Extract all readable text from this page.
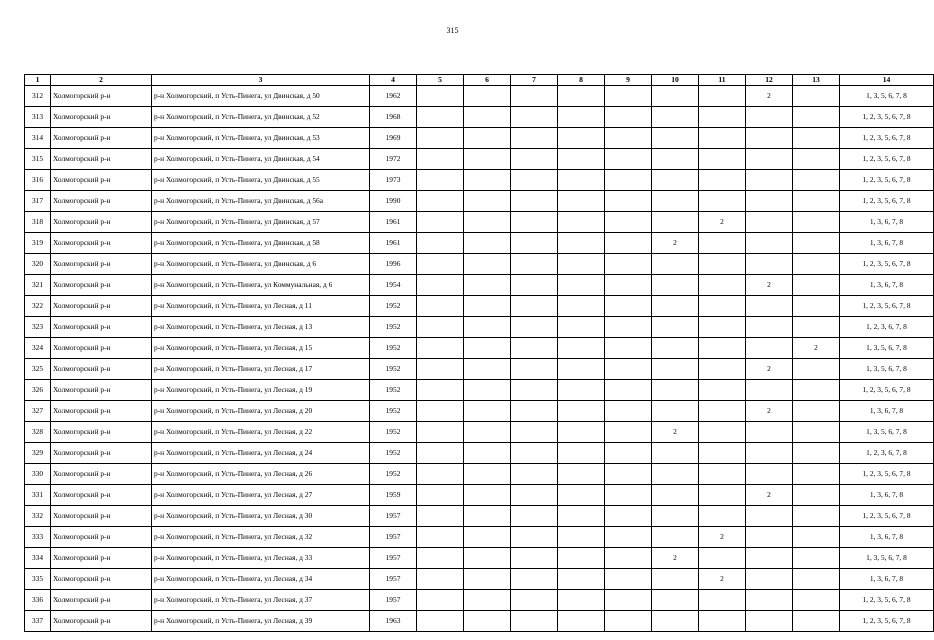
315
1	2	3	4	5	6	7	8	9	10	11	12	13	14
312	Холмогорский р-н	р-н Холмогорский, п Усть-Пинега, ул Двинская, д 50	1962								2		1, 3, 5, 6, 7, 8
313	Холмогорский р-н	р-н Холмогорский, п Усть-Пинега, ул Двинская, д 52	1968										1, 2, 3, 5, 6, 7, 8
314	Холмогорский р-н	р-н Холмогорский, п Усть-Пинега, ул Двинская, д 53	1969										1, 2, 3, 5, 6, 7, 8
315	Холмогорский р-н	р-н Холмогорский, п Усть-Пинега, ул Двинская, д 54	1972										1, 2, 3, 5, 6, 7, 8
316	Холмогорский р-н	р-н Холмогорский, п Усть-Пинега, ул Двинская, д 55	1973										1, 2, 3, 5, 6, 7, 8
317	Холмогорский р-н	р-н Холмогорский, п Усть-Пинега, ул Двинская, д 56а	1990										1, 2, 3, 5, 6, 7, 8
318	Холмогорский р-н	р-н Холмогорский, п Усть-Пинега, ул Двинская, д 57	1961							2			1, 3, 6, 7, 8
319	Холмогорский р-н	р-н Холмогорский, п Усть-Пинега, ул Двинская, д 58	1961						2				1, 3, 6, 7, 8
320	Холмогорский р-н	р-н Холмогорский, п Усть-Пинега, ул Двинская, д 6	1996										1, 2, 3, 5, 6, 7, 8
321	Холмогорский р-н	р-н Холмогорский, п Усть-Пинега, ул Коммунальная, д 6	1954								2		1, 3, 6, 7, 8
322	Холмогорский р-н	р-н Холмогорский, п Усть-Пинега, ул Лесная, д 11	1952										1, 2, 3, 5, 6, 7, 8
323	Холмогорский р-н	р-н Холмогорский, п Усть-Пинега, ул Лесная, д 13	1952										1, 2, 3, 6, 7, 8
324	Холмогорский р-н	р-н Холмогорский, п Усть-Пинега, ул Лесная, д 15	1952									2	1, 3, 5, 6, 7, 8
325	Холмогорский р-н	р-н Холмогорский, п Усть-Пинега, ул Лесная, д 17	1952								2		1, 3, 5, 6, 7, 8
326	Холмогорский р-н	р-н Холмогорский, п Усть-Пинега, ул Лесная, д 19	1952										1, 2, 3, 5, 6, 7, 8
327	Холмогорский р-н	р-н Холмогорский, п Усть-Пинега, ул Лесная, д 20	1952								2		1, 3, 6, 7, 8
328	Холмогорский р-н	р-н Холмогорский, п Усть-Пинега, ул Лесная, д 22	1952						2				1, 3, 5, 6, 7, 8
329	Холмогорский р-н	р-н Холмогорский, п Усть-Пинега, ул Лесная, д 24	1952										1, 2, 3, 6, 7, 8
330	Холмогорский р-н	р-н Холмогорский, п Усть-Пинега, ул Лесная, д 26	1952										1, 2, 3, 5, 6, 7, 8
331	Холмогорский р-н	р-н Холмогорский, п Усть-Пинега, ул Лесная, д 27	1959								2		1, 3, 6, 7, 8
332	Холмогорский р-н	р-н Холмогорский, п Усть-Пинега, ул Лесная, д 30	1957										1, 2, 3, 5, 6, 7, 8
333	Холмогорский р-н	р-н Холмогорский, п Усть-Пинега, ул Лесная, д 32	1957							2			1, 3, 6, 7, 8
334	Холмогорский р-н	р-н Холмогорский, п Усть-Пинега, ул Лесная, д 33	1957						2				1, 3, 5, 6, 7, 8
335	Холмогорский р-н	р-н Холмогорский, п Усть-Пинега, ул Лесная, д 34	1957							2			1, 3, 6, 7, 8
336	Холмогорский р-н	р-н Холмогорский, п Усть-Пинега, ул Лесная, д 37	1957										1, 2, 3, 5, 6, 7, 8
337	Холмогорский р-н	р-н Холмогорский, п Усть-Пинега, ул Лесная, д 39	1963										1, 2, 3, 5, 6, 7, 8
